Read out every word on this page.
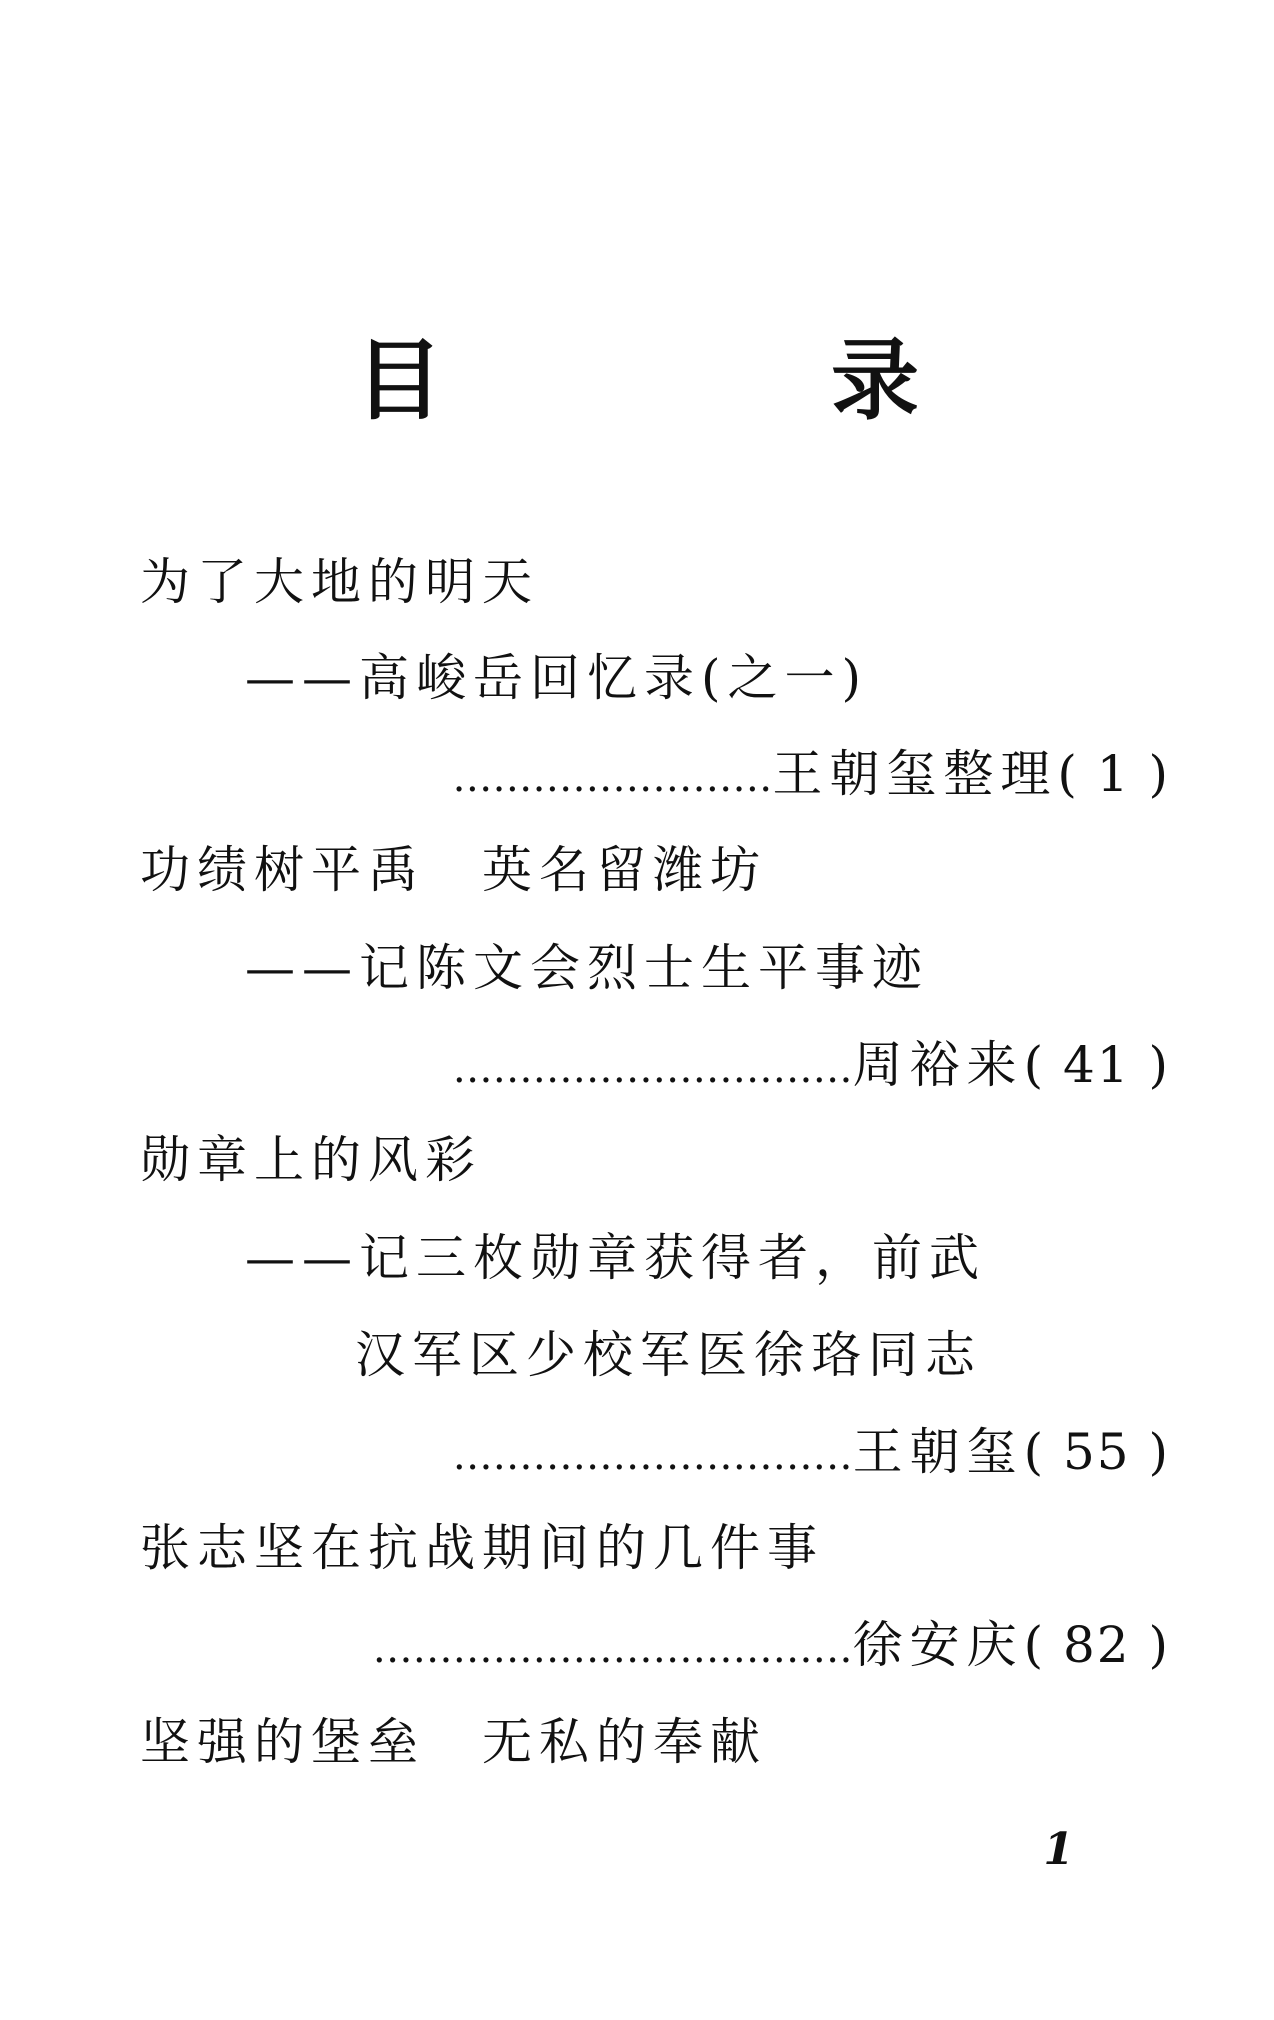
目　录
为了大地的明天
——高峻岳回忆录(之一)
……………………王朝玺整理( 1 )
功绩树平禹　英名留潍坊
——记陈文会烈士生平事迹
…………………………周裕来( 41 )
勋章上的风彩
——记三枚勋章获得者，前武
汉军区少校军医徐珞同志
…………………………王朝玺( 55 )
张志坚在抗战期间的几件事
………………………………徐安庆( 82 )
坚强的堡垒　无私的奉献
1
